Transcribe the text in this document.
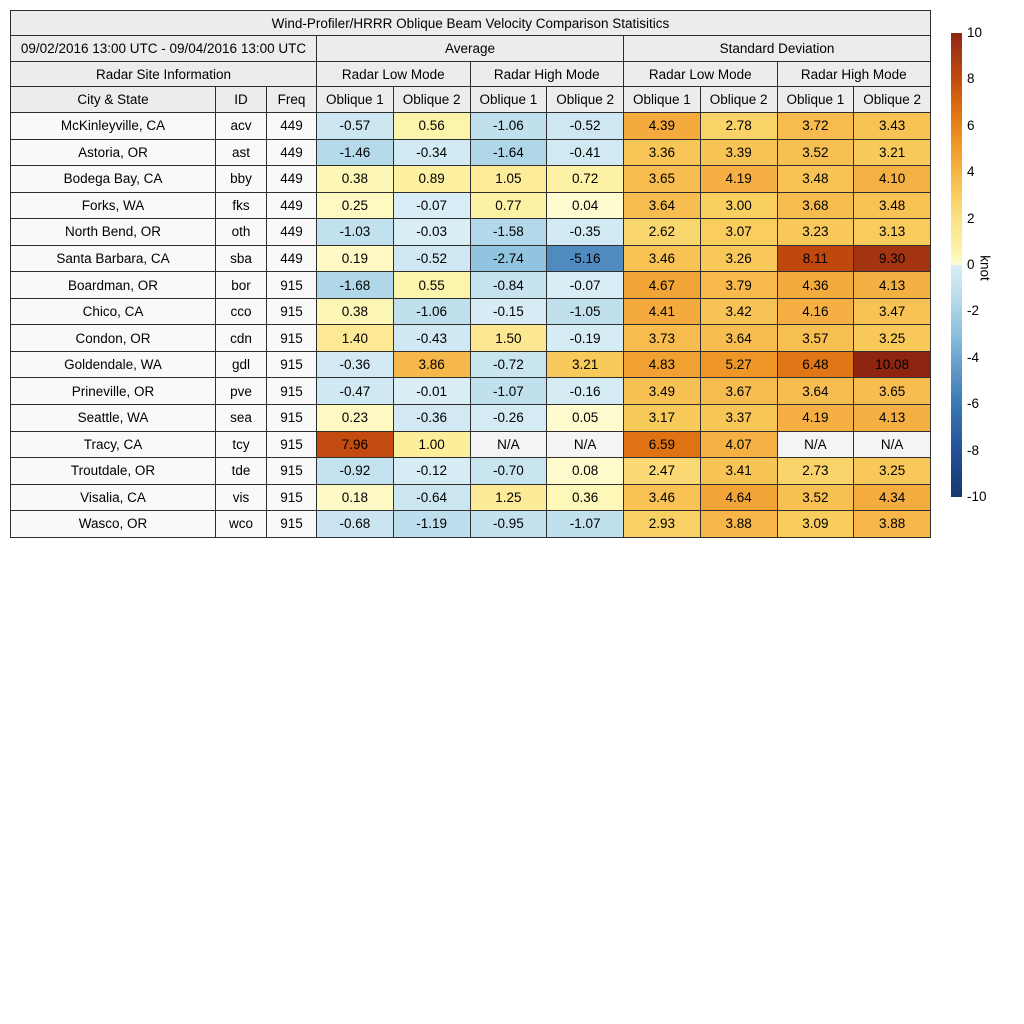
Wind-Profiler/HRRR Oblique Beam Velocity Comparison Statisitics										
09/02/2016 13:00 UTC - 09/04/2016 13:00 UTC			Average				Standard Deviation			
Radar Site Information			Radar Low Mode		Radar High Mode		Radar Low Mode		Radar High Mode	
City & State	ID	Freq	Oblique 1	Oblique 2	Oblique 1	Oblique 2	Oblique 1	Oblique 2	Oblique 1	Oblique 2
McKinleyville, CA	acv	449	-0.57	0.56	-1.06	-0.52	4.39	2.78	3.72	3.43
Astoria, OR	ast	449	-1.46	-0.34	-1.64	-0.41	3.36	3.39	3.52	3.21
Bodega Bay, CA	bby	449	0.38	0.89	1.05	0.72	3.65	4.19	3.48	4.10
Forks, WA	fks	449	0.25	-0.07	0.77	0.04	3.64	3.00	3.68	3.48
North Bend, OR	oth	449	-1.03	-0.03	-1.58	-0.35	2.62	3.07	3.23	3.13
Santa Barbara, CA	sba	449	0.19	-0.52	-2.74	-5.16	3.46	3.26	8.11	9.30
Boardman, OR	bor	915	-1.68	0.55	-0.84	-0.07	4.67	3.79	4.36	4.13
Chico, CA	cco	915	0.38	-1.06	-0.15	-1.05	4.41	3.42	4.16	3.47
Condon, OR	cdn	915	1.40	-0.43	1.50	-0.19	3.73	3.64	3.57	3.25
Goldendale, WA	gdl	915	-0.36	3.86	-0.72	3.21	4.83	5.27	6.48	10.08
Prineville, OR	pve	915	-0.47	-0.01	-1.07	-0.16	3.49	3.67	3.64	3.65
Seattle, WA	sea	915	0.23	-0.36	-0.26	0.05	3.17	3.37	4.19	4.13
Tracy, CA	tcy	915	7.96	1.00	N/A	N/A	6.59	4.07	N/A	N/A
Troutdale, OR	tde	915	-0.92	-0.12	-0.70	0.08	2.47	3.41	2.73	3.25
Visalia, CA	vis	915	0.18	-0.64	1.25	0.36	3.46	4.64	3.52	4.34
Wasco, OR	wco	915	-0.68	-1.19	-0.95	-1.07	2.93	3.88	3.09	3.88
10
8
6
4
2
0
-2
-4
-6
-8
-10
knot
